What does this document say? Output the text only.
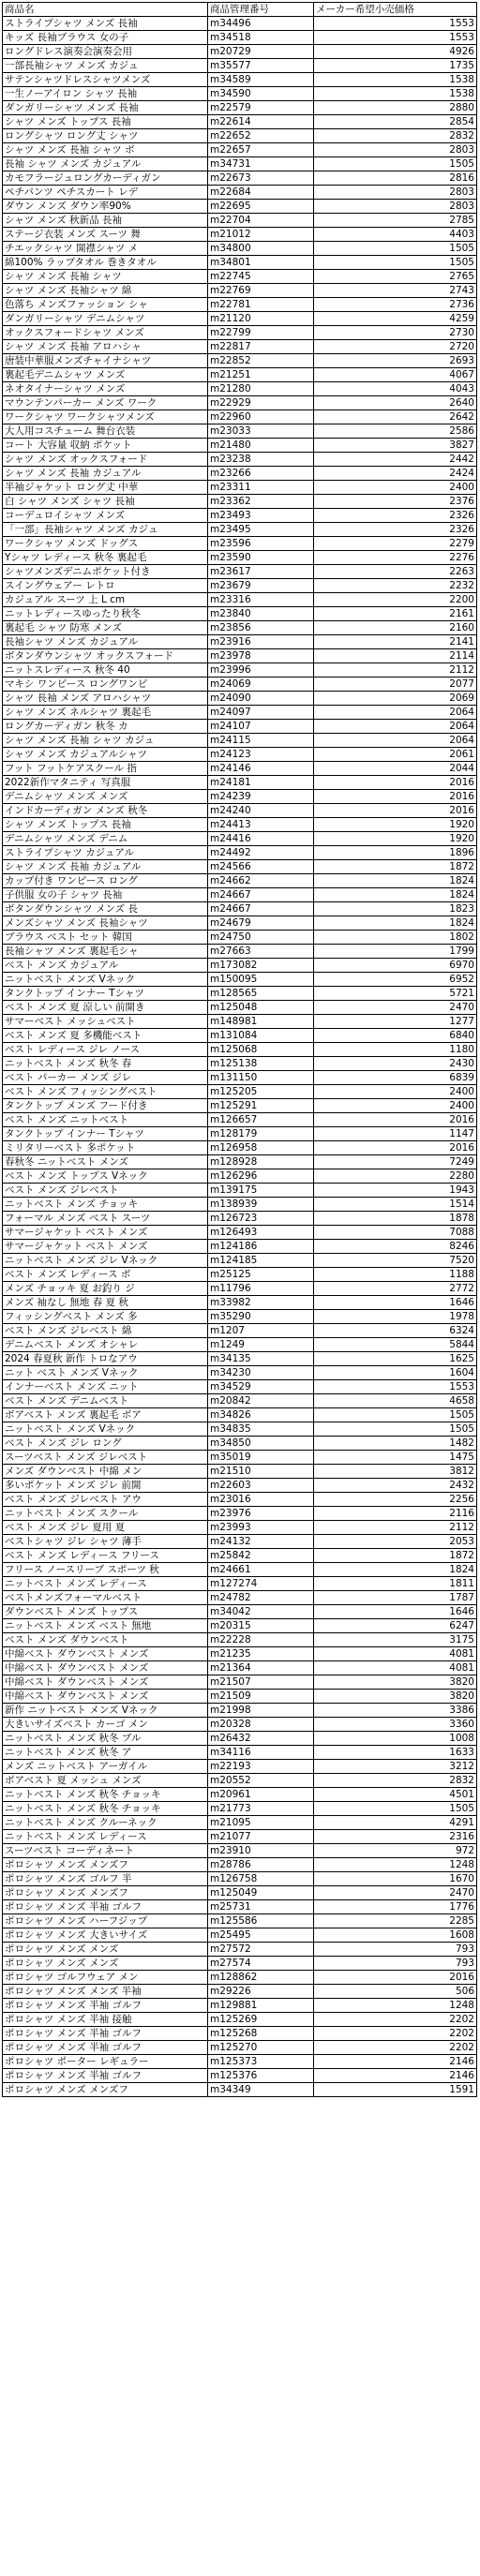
商品名	商品管理番号	メーカー希望小売価格
ストライプシャツ メンズ 長袖	m34496	1553
キッズ 長袖ブラウス 女の子	m34518	1553
ロングドレス演奏会演奏会用	m20729	4926
一部長袖シャツ メンズ カジュ	m35577	1735
サテンシャツドレスシャツメンズ	m34589	1538
一生ノーアイロン シャツ 長袖	m34590	1538
ダンガリーシャツ メンズ 長袖	m22579	2880
シャツ メンズ トップス 長袖	m22614	2854
ロングシャツ ロング丈 シャツ	m22652	2832
シャツ メンズ 長袖 シャツ ボ	m22657	2803
長袖 シャツ メンズ カジュアル	m34731	1505
カモフラージュロングカーディガン	m22673	2816
ペチパンツ ペチスカート レデ	m22684	2803
ダウン メンズ ダウン率90%	m22695	2803
シャツ メンズ 秋新品 長袖	m22704	2785
ステージ衣装 メンズ スーツ 舞	m21012	4403
チエックシャツ 開襟シャツ メ	m34800	1505
綿100% ラップタオル 巻きタオル	m34801	1505
シャツ メンズ 長袖 シャツ	m22745	2765
シャツ メンズ 長袖シャツ 綿	m22769	2743
色落ち メンズファッション シャ	m22781	2736
ダンガリーシャツ デニムシャツ	m21120	4259
オックスフォードシャツ メンズ	m22799	2730
シャツ メンズ 長袖 アロハシャ	m22817	2720
唐装中華服メンズチャイナシャツ	m22852	2693
裏起毛デニムシャツ メンズ	m21251	4067
ネオタイナーシャツ メンズ	m21280	4043
マウンテンパーカー メンズ ワーク	m22929	2640
ワークシャツ ワークシャツメンズ	m22960	2642
大人用コスチューム 舞台衣装	m23033	2586
コート 大容量 収納 ポケット	m21480	3827
シャツ メンズ オックスフォード	m23238	2442
シャツ メンズ 長袖 カジュアル	m23266	2424
半袖ジャケット ロング丈 中華	m23311	2400
白 シャツ メンズ シャツ 長袖	m23362	2376
コーデュロイシャツ メンズ	m23493	2326
「一部」長袖シャツ メンズ カジュ	m23495	2326
ワークシャツ メンズ ドッグス	m23596	2279
Yシャツ レディース 秋冬 裏起毛	m23590	2276
シャツメンズデニムポケット付き	m23617	2263
スイングウェアー レトロ	m23679	2232
カジュアル スーツ 上 L cm	m23316	2200
ニットレディースゆったり秋冬	m23840	2161
裏起毛 シャツ 防寒 メンズ	m23856	2160
長袖シャツ メンズ カジュアル	m23916	2141
ボタンダウンシャツ オックスフォード	m23978	2114
ニットスレディース 秋冬 40	m23996	2112
マキシ ワンピース ロングワンピ	m24069	2077
シャツ 長袖 メンズ アロハシャツ	m24090	2069
シャツ メンズ ネルシャツ 裏起毛	m24097	2064
ロングカーディガン 秋冬 カ	m24107	2064
シャツ メンズ 長袖 シャツ カジュ	m24115	2064
シャツ メンズ カジュアルシャツ	m24123	2061
フット フットケアスクール 指	m24146	2044
2022新作マタニティ 写真服	m24181	2016
デニムシャツ メンズ メンズ	m24239	2016
インドカーディガン メンズ 秋冬	m24240	2016
シャツ メンズ トップス 長袖	m24413	1920
デニムシャツ メンズ デニム	m24416	1920
ストライプシャツ カジュアル	m24492	1896
シャツ メンズ 長袖 カジュアル	m24566	1872
カップ付き ワンピース ロング	m24662	1824
子供服 女の子 シャツ 長袖	m24667	1824
ボタンダウンシャツ メンズ 長	m24667	1823
メンズシャツ メンズ 長袖シャツ	m24679	1824
ブラウス ベスト セット 韓国	m24750	1802
長袖シャツ メンズ 裏起毛シャ	m27663	1799
ベスト メンズ カジュアル	m173082	6970
ニットベスト メンズ Vネック	m150095	6952
タンクトップ インナー Tシャツ	m128565	5721
ベスト メンズ 夏 涼しい 前開き	m125048	2470
サマーベスト メッシュベスト	m148981	1277
ベスト メンズ 夏 多機能ベスト	m131084	6840
ベスト レディース ジレ ノース	m125068	1180
ニットベスト メンズ 秋冬 春	m125138	2430
ベスト パーカー メンズ ジレ	m131150	6839
ベスト メンズ フィッシングベスト	m125205	2400
タンクトップ メンズ フード付き	m125291	2400
ベスト メンズ ニットベスト	m126657	2016
タンクトップ インナー Tシャツ	m128179	1147
ミリタリーベスト 多ポケット	m126958	2016
春秋冬 ニットベスト メンズ	m128928	7249
ベスト メンズ トップス Vネック	m126296	2280
ベスト メンズ ジレベスト	m139175	1943
ニットベスト メンズ チョッキ	m138939	1514
フォーマル メンズ ベスト スーツ	m126723	1878
サマージャケット ベスト メンズ	m126493	7088
サマージャケット ベスト メンズ	m124186	8246
ニットベスト メンズ ジレ Vネック	m124185	7520
ベスト メンズ レディース ボ	m25125	1188
メンズ チョッキ 夏 お釣り ジ	m11796	2772
メンズ 袖なし 無地 春 夏 秋	m33982	1646
フィッシングベスト メンズ 多	m35290	1978
ベスト メンズ ジレベスト 綿	m1207	6324
デニムベスト メンズ オシャレ	m1249	5844
2024 春夏秋 新作 トロなアウ	m34135	1625
ニット ベスト メンズ Vネック	m34230	1604
インナーベスト メンズ ニット	m34529	1553
ベスト メンズ デニムベスト	m20842	4658
ボアベスト メンズ 裏起毛 ボア	m34826	1505
ニットベスト メンズ Vネック	m34835	1505
ベスト メンズ ジレ ロング	m34850	1482
スーツベスト メンズ ジレベスト	m35019	1475
メンズ ダウンベスト 中綿 メン	m21510	3812
多いポケット メンズ ジレ 前開	m22603	2432
ベスト メンズ ジレベスト アウ	m23016	2256
ニットベスト メンズ スクール	m23976	2116
ベスト メンズ ジレ 夏用 夏	m23993	2112
ベストシャツ ジレ シャツ 薄手	m24132	2053
ベスト メンズ レディース フリース	m25842	1872
フリース ノースリーブ スポーツ 秋	m24661	1824
ニットベスト メンズ レディース	m127274	1811
ベストメンズフォーマルベスト	m24782	1787
ダウンベスト メンズ トップス	m34042	1646
ニットベスト メンズ ベスト 無地	m20315	6247
ベスト メンズ ダウンベスト	m22228	3175
中綿ベスト ダウンベスト メンズ	m21235	4081
中綿ベスト ダウンベスト メンズ	m21364	4081
中綿ベスト ダウンベスト メンズ	m21507	3820
中綿ベスト ダウンベスト メンズ	m21509	3820
新作 ニットベスト メンズ Vネック	m21998	3386
大きいサイズベスト カーゴ メン	m20328	3360
ニットベスト メンズ 秋冬 ブル	m26432	1008
ニットベスト メンズ 秋冬 ア	m34116	1633
メンズ ニットベスト アーガイル	m22193	3212
ボアベスト 夏 メッシュ メンズ	m20552	2832
ニットベスト メンズ 秋冬 チョッキ	m20961	4501
ニットベスト メンズ 秋冬 チョッキ	m21773	1505
ニットベスト メンズ クルーネック	m21095	4291
ニットベスト メンズ レディース	m21077	2316
スーツベスト コーディネート	m23910	972
ポロシャツ メンズ メンズフ	m28786	1248
ポロシャツ メンズ ゴルフ 半	m126758	1670
ポロシャツ メンズ メンズフ	m125049	2470
ポロシャツ メンズ 半袖 ゴルフ	m25731	1776
ポロシャツ メンズ ハーフジップ	m125586	2285
ポロシャツ メンズ 大きいサイズ	m25495	1608
ポロシャツ メンズ メンズ	m27572	793
ポロシャツ メンズ メンズ	m27574	793
ポロシャツ ゴルフウェア メン	m128862	2016
ポロシャツ メンズ メンズ 半袖	m29226	506
ポロシャツ メンズ 半袖 ゴルフ	m129881	1248
ポロシャツ メンズ 半袖 接触	m125269	2202
ポロシャツ メンズ 半袖 ゴルフ	m125268	2202
ポロシャツ メンズ 半袖 ゴルフ	m125270	2202
ポロシャツ ポーター レギュラー	m125373	2146
ポロシャツ メンズ 半袖 ゴルフ	m125376	2146
ポロシャツ メンズ メンズフ	m34349	1591
